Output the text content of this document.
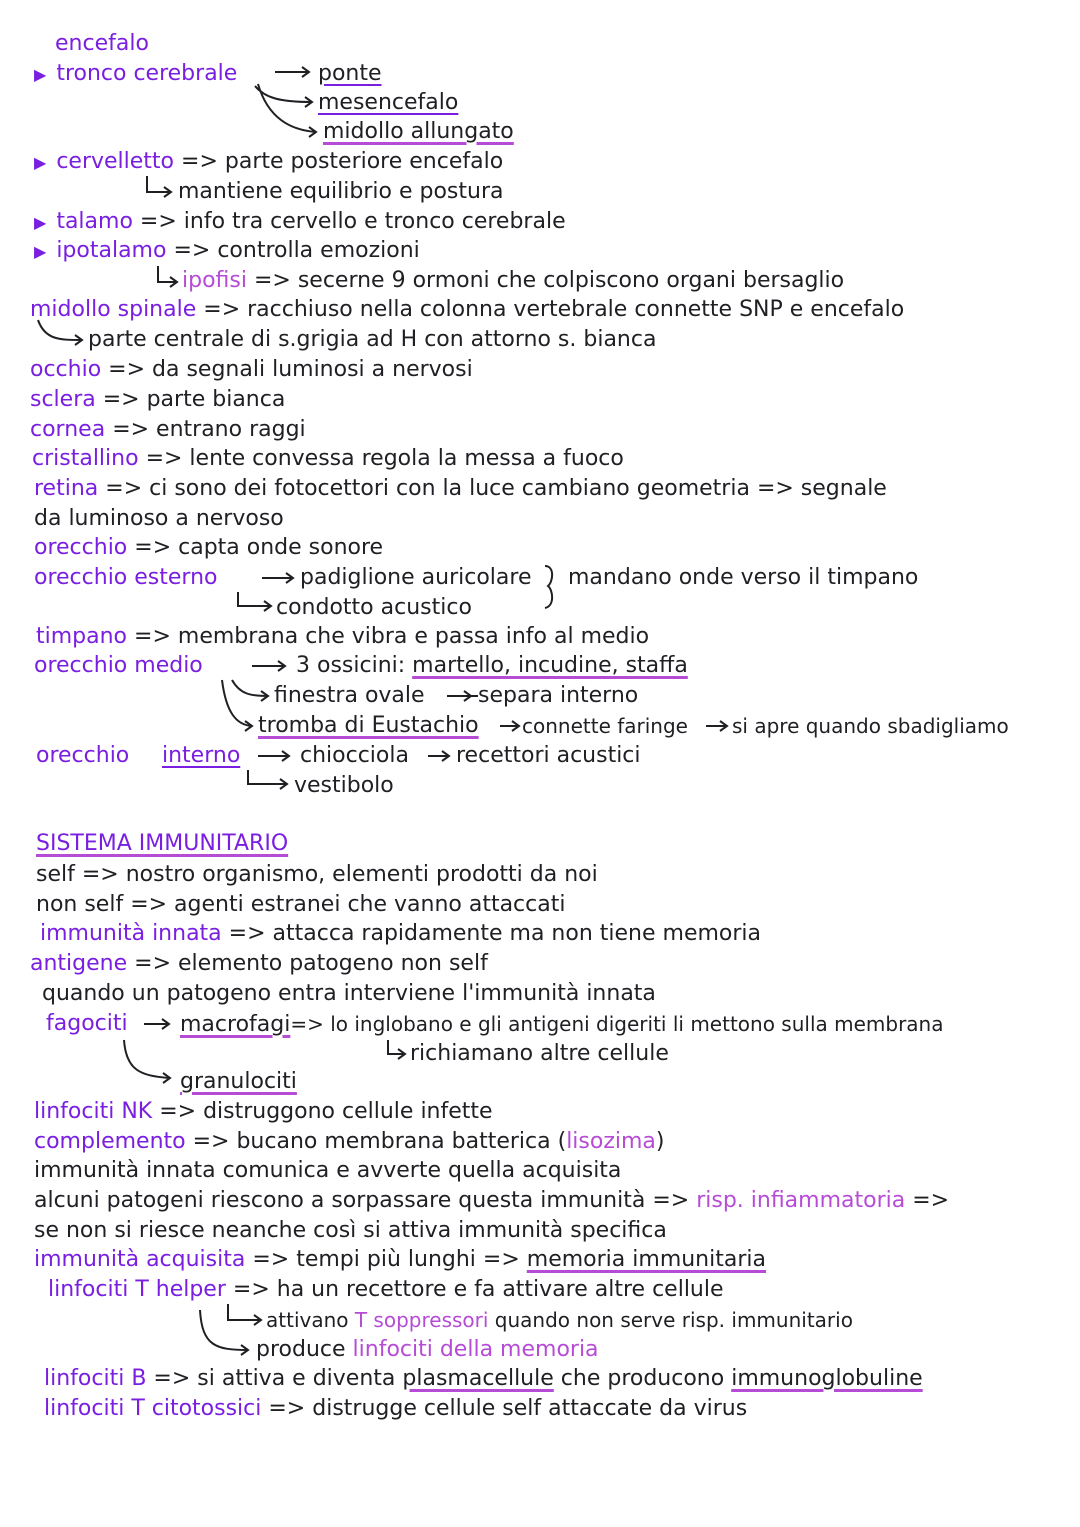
encefalo
▶ tronco cerebrale	ponte
mesencefalo
midollo allungato
▶ cervelletto => parte posteriore encefalo
mantiene equilibrio e postura
▶ talamo => info tra cervello e tronco cerebrale
▶ ipotalamo => controlla emozioni
ipofisi => secerne 9 ormoni che colpiscono organi bersaglio
midollo spinale => racchiuso nella colonna vertebrale connette SNP e encefalo
parte centrale di s.grigia ad H con attorno s. bianca
occhio => da segnali luminosi a nervosi
sclera => parte bianca
cornea => entrano raggi
cristallino => lente convessa regola la messa a fuoco
retina => ci sono dei fotocettori con la luce cambiano geometria => segnale
da luminoso a nervoso
orecchio => capta onde sonore
orecchio esterno	padiglione auricolare
condotto acustico
mandano onde verso il timpano
timpano => membrana che vibra e passa info al medio
orecchio medio	3 ossicini: martello, incudine, staffa
finestra ovale separa interno
tromba di Eustachio connette faringe si apre quando sbadigliamo
orecchio interno	chiocciola recettori acustici
vestibolo
SISTEMA IMMUNITARIO
self => nostro organismo, elementi prodotti da noi
non self => agenti estranei che vanno attaccati
immunità innata => attacca rapidamente ma non tiene memoria
antigene => elemento patogeno non self
quando un patogeno entra interviene l'immunità innata
fagociti macrofagi=> lo inglobano e gli antigeni digeriti li mettono sulla membrana
richiamano altre cellule
granulociti
linfociti NK => distruggono cellule infette
complemento => bucano membrana batterica (lisozima)
immunità innata comunica e avverte quella acquisita
alcuni patogeni riescono a sorpassare questa immunità => risp. infiammatoria =>
se non si riesce neanche così si attiva immunità specifica
immunità acquisita => tempi più lunghi => memoria immunitaria
linfociti T helper => ha un recettore e fa attivare altre cellule
attivano T soppressori quando non serve risp. immunitario
produce linfociti della memoria
linfociti B => si attiva e diventa plasmacellule che producono immunoglobuline
linfociti T citotossici => distrugge cellule self attaccate da virus
